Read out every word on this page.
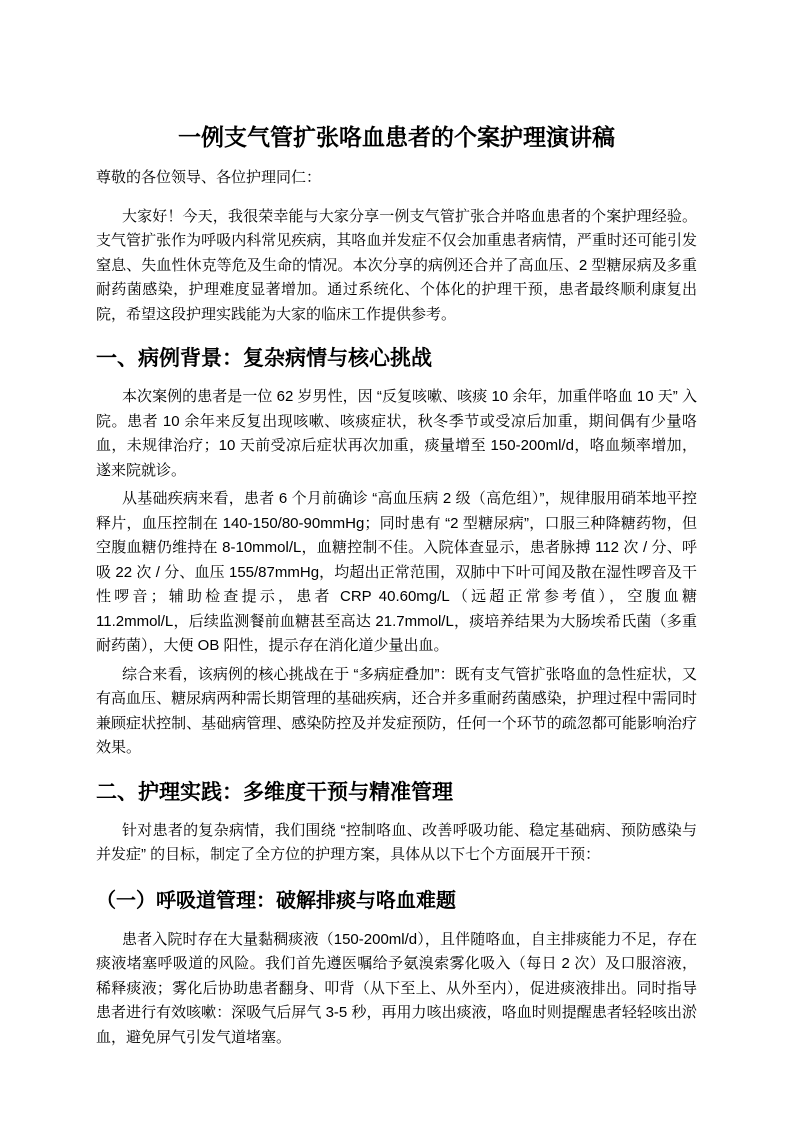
一例支气管扩张咯血患者的个案护理演讲稿

尊敬的各位领导、各位护理同仁：

大家好！今天，我很荣幸能与大家分享一例支气管扩张合并咯血患者的个案护理经验。支气管扩张作为呼吸内科常见疾病，其咯血并发症不仅会加重患者病情，严重时还可能引发窒息、失血性休克等危及生命的情况。本次分享的病例还合并了高血压、2 型糖尿病及多重耐药菌感染，护理难度显著增加。通过系统化、个体化的护理干预，患者最终顺利康复出院，希望这段护理实践能为大家的临床工作提供参考。

一、病例背景：复杂病情与核心挑战

本次案例的患者是一位 62 岁男性，因 “反复咳嗽、咳痰 10 余年，加重伴咯血 10 天” 入院。患者 10 余年来反复出现咳嗽、咳痰症状，秋冬季节或受凉后加重，期间偶有少量咯血，未规律治疗；10 天前受凉后症状再次加重，痰量增至 150-200ml/d，咯血频率增加，遂来院就诊。

从基础疾病来看，患者 6 个月前确诊 “高血压病 2 级（高危组）”，规律服用硝苯地平控释片，血压控制在 140-150/80-90mmHg；同时患有 “2 型糖尿病”，口服三种降糖药物，但空腹血糖仍维持在 8-10mmol/L，血糖控制不佳。入院体查显示，患者脉搏 112 次 / 分、呼吸 22 次 / 分、血压 155/87mmHg，均超出正常范围，双肺中下叶可闻及散在湿性啰音及干性啰音；辅助检查提示，患者 CRP 40.60mg/L（远超正常参考值），空腹血糖 11.2mmol/L，后续监测餐前血糖甚至高达 21.7mmol/L，痰培养结果为大肠埃希氏菌（多重耐药菌），大便 OB 阳性，提示存在消化道少量出血。

综合来看，该病例的核心挑战在于 “多病症叠加”：既有支气管扩张咯血的急性症状，又有高血压、糖尿病两种需长期管理的基础疾病，还合并多重耐药菌感染，护理过程中需同时兼顾症状控制、基础病管理、感染防控及并发症预防，任何一个环节的疏忽都可能影响治疗效果。

二、护理实践：多维度干预与精准管理

针对患者的复杂病情，我们围绕 “控制咯血、改善呼吸功能、稳定基础病、预防感染与并发症” 的目标，制定了全方位的护理方案，具体从以下七个方面展开干预：

（一）呼吸道管理：破解排痰与咯血难题

患者入院时存在大量黏稠痰液（150-200ml/d），且伴随咯血，自主排痰能力不足，存在痰液堵塞呼吸道的风险。我们首先遵医嘱给予氨溴索雾化吸入（每日 2 次）及口服溶液，稀释痰液；雾化后协助患者翻身、叩背（从下至上、从外至内），促进痰液排出。同时指导患者进行有效咳嗽：深吸气后屏气 3-5 秒，再用力咳出痰液，咯血时则提醒患者轻轻咳出淤血，避免屏气引发气道堵塞。
